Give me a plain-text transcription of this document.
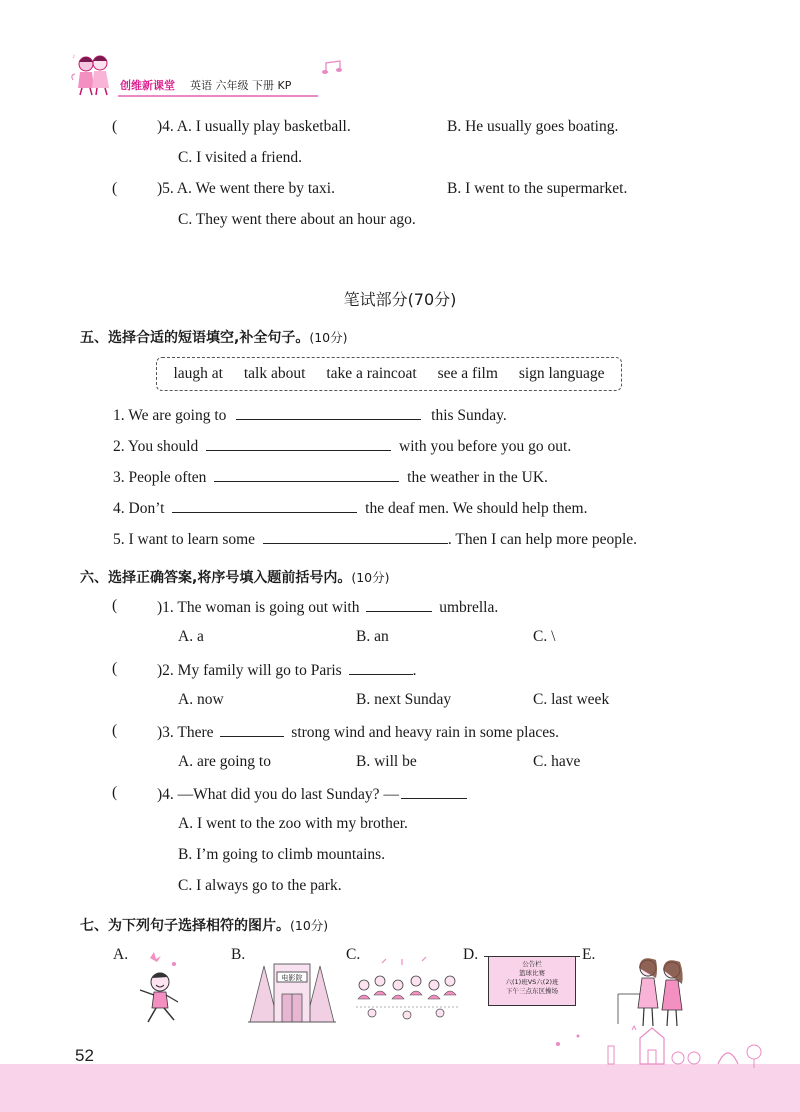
♪
创维新课堂 英语 六年级 下册 KP
(	)4. A. I usually play basketball.	B. He usually goes boating.
C. I visited a friend.
(	)5. A. We went there by taxi.	B. I went to the supermarket.
C. They went there about an hour ago.
笔试部分(70分)
五、选择合适的短语填空,补全句子。(10分)
laugh at talk about take a raincoat see a film sign language
1. We are going to	this Sunday.
2. You should	with you before you go out.
3. People often	the weather in the UK.
4. Don’t	the deaf men. We should help them.
5. I want to learn some	. Then I can help more people.
六、选择正确答案,将序号填入题前括号内。(10分)
(	)1. The woman is going out with	umbrella.
A. a	B. an	C. \
(	)2. My family will go to Paris	.
A. now	B. next Sunday	C. last week
(	)3. There	strong wind and heavy rain in some places.
A. are going to	B. will be	C. have
(	)4. —What did you do last Sunday? —
A. I went to the zoo with my brother.
B. I’m going to climb mountains.
C. I always go to the park.
七、为下列句子选择相符的图片。(10分)
A.	B.
电影院
C.	D.
公告栏
篮球比赛
六(1)班VS六(2)班
下午三点东区操场
E.
52
